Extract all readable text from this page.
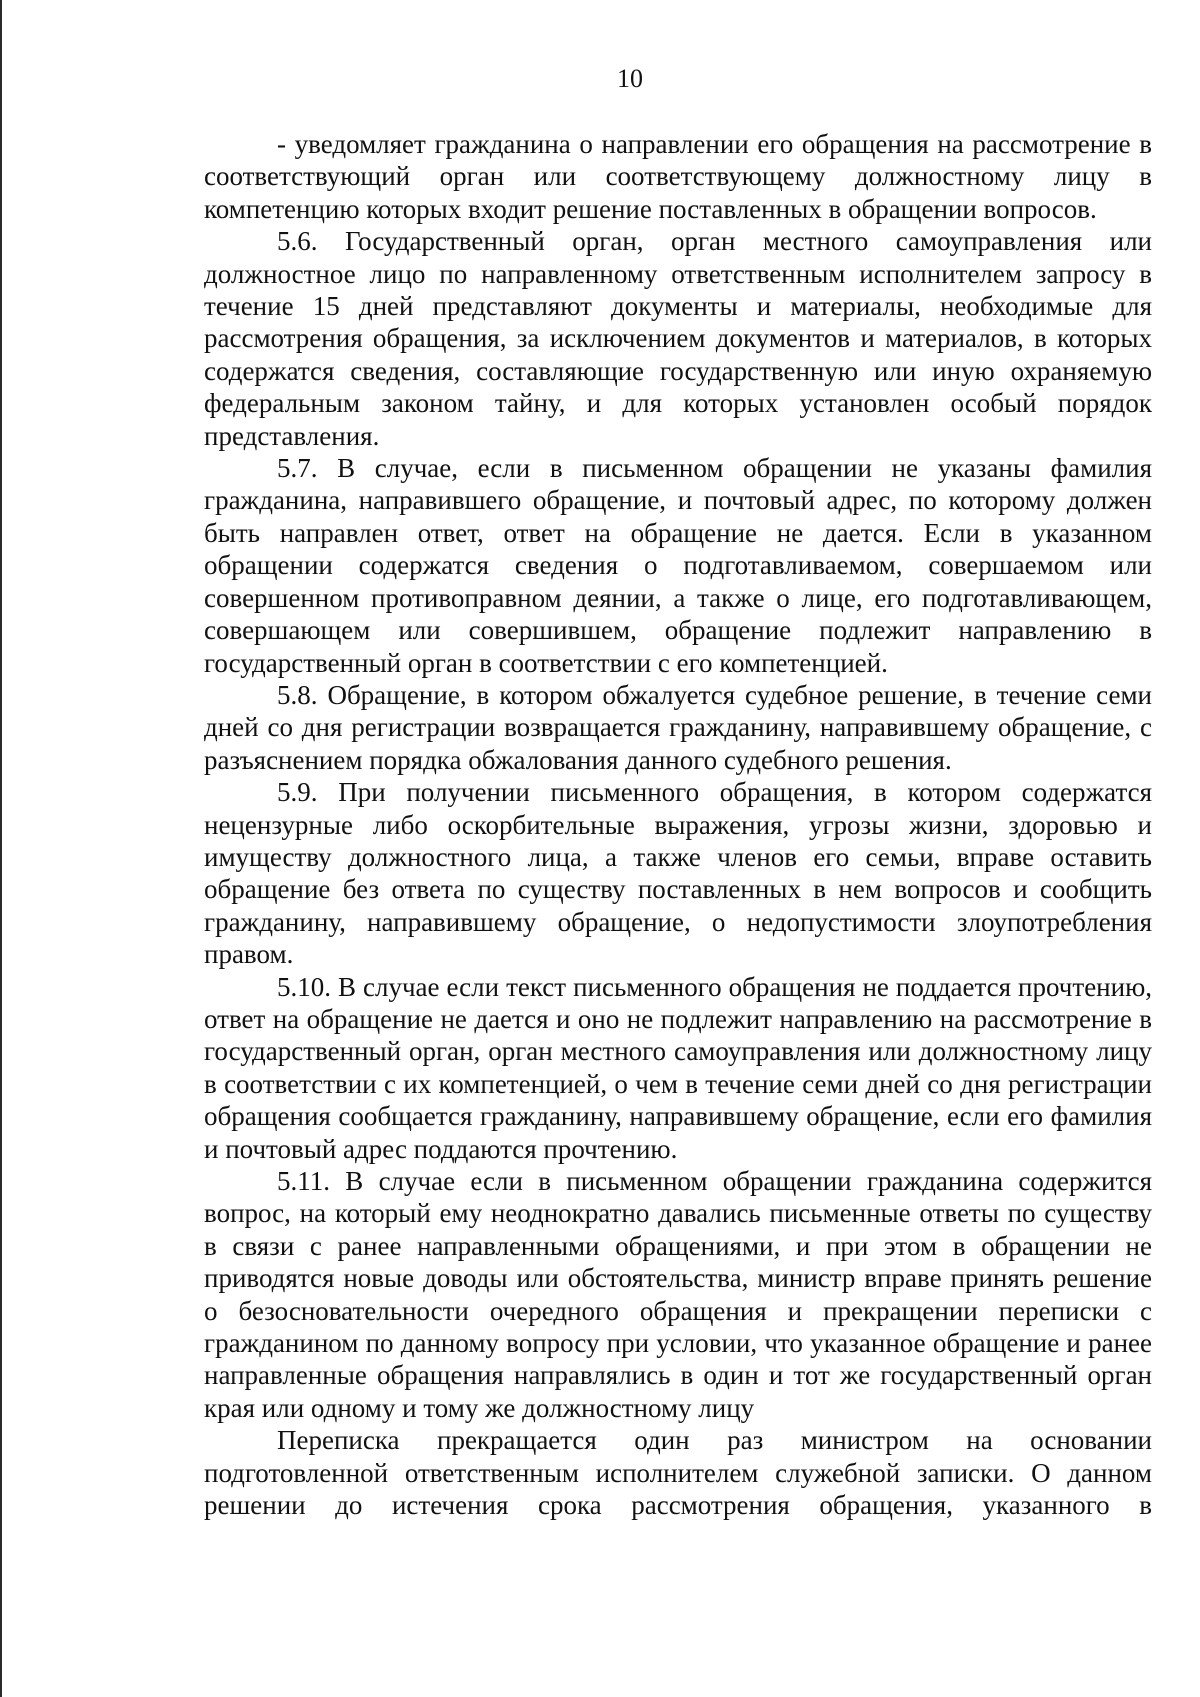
10

- уведомляет гражданина о направлении его обращения на рассмотрение в соответствующий орган или соответствующему должностному лицу в компетенцию которых входит решение поставленных в обращении вопросов.

5.6. Государственный орган, орган местного самоуправления или должностное лицо по направленному ответственным исполнителем запросу в течение 15 дней представляют документы и материалы, необходимые для рассмотрения обращения, за исключением документов и материалов, в которых содержатся сведения, составляющие государственную или иную охраняемую федеральным законом тайну, и для которых установлен особый порядок представления.

5.7. В случае, если в письменном обращении не указаны фамилия гражданина, направившего обращение, и почтовый адрес, по которому должен быть направлен ответ, ответ на обращение не дается. Если в указанном обращении содержатся сведения о подготавливаемом, совершаемом или совершенном противоправном деянии, а также о лице, его подготавливающем, совершающем или совершившем, обращение подлежит направлению в государственный орган в соответствии с его компетенцией.

5.8. Обращение, в котором обжалуется судебное решение, в течение семи дней со дня регистрации возвращается гражданину, направившему обращение, с разъяснением порядка обжалования данного судебного решения.

5.9. При получении письменного обращения, в котором содержатся нецензурные либо оскорбительные выражения, угрозы жизни, здоровью и имуществу должностного лица, а также членов его семьи, вправе оставить обращение без ответа по существу поставленных в нем вопросов и сообщить гражданину, направившему обращение, о недопустимости злоупотребления правом.

5.10. В случае если текст письменного обращения не поддается прочтению, ответ на обращение не дается и оно не подлежит направлению на рассмотрение в государственный орган, орган местного самоуправления или должностному лицу в соответствии с их компетенцией, о чем в течение семи дней со дня регистрации обращения сообщается гражданину, направившему обращение, если его фамилия и почтовый адрес поддаются прочтению.

5.11. В случае если в письменном обращении гражданина содержится вопрос, на который ему неоднократно давались письменные ответы по существу в связи с ранее направленными обращениями, и при этом в обращении не приводятся новые доводы или обстоятельства, министр вправе принять решение о безосновательности очередного обращения и прекращении переписки с гражданином по данному вопросу при условии, что указанное обращение и ранее направленные обращения направлялись в один и тот же государственный орган края или одному и тому же должностному лицу

Переписка прекращается один раз министром на основании подготовленной ответственным исполнителем служебной записки. О данном решении до истечения срока рассмотрения обращения, указанного в
